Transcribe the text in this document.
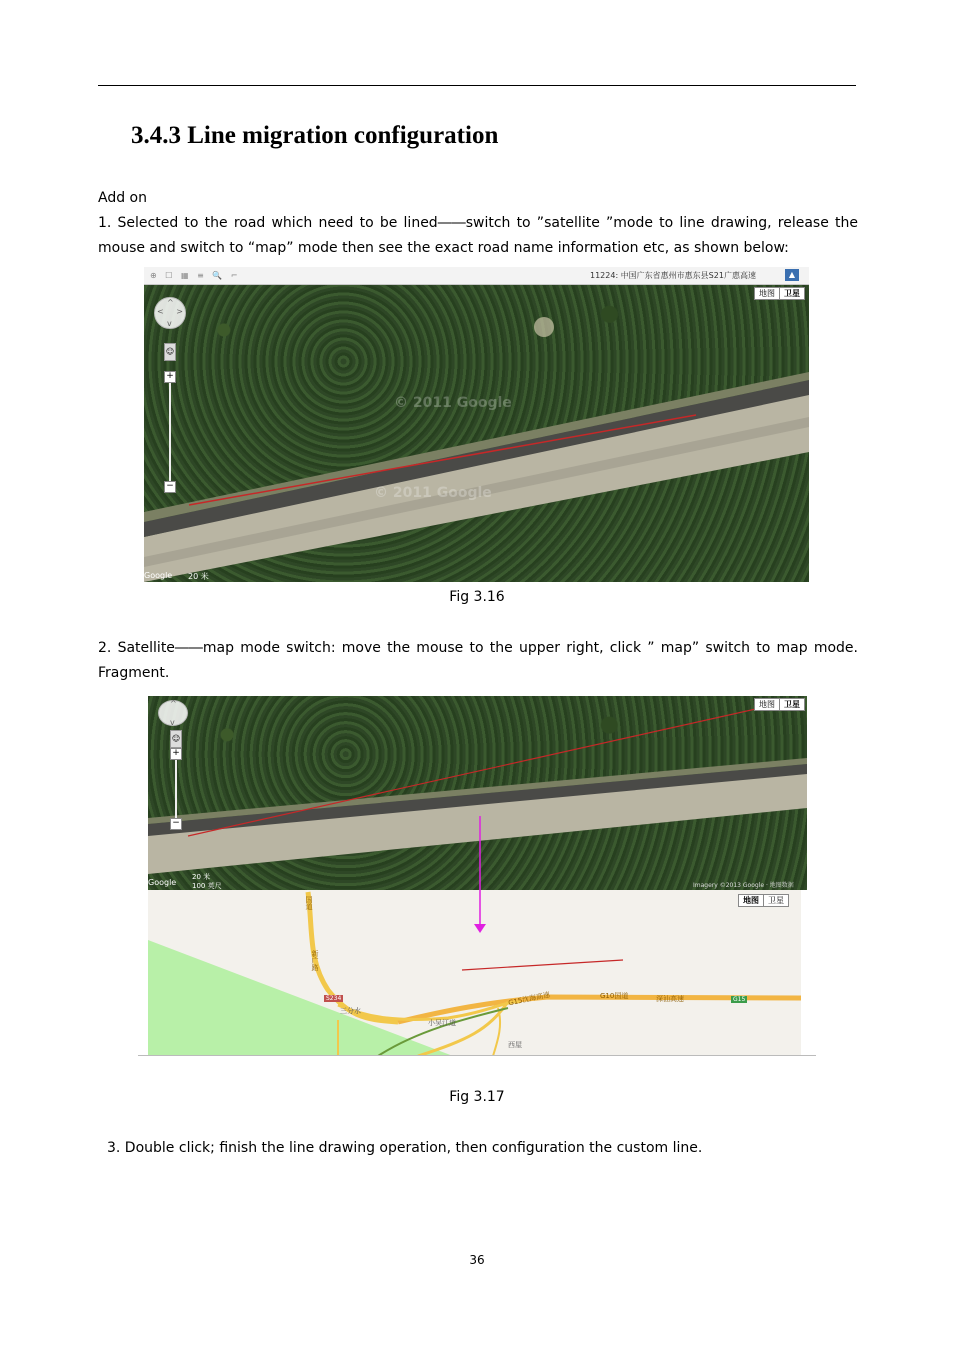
3.4.3 Line migration configuration
Add on
1. Selected to the road which need to be lined――switch to ”satellite ”mode to line drawing, release the mouse and switch to “map” mode then see the exact road name information etc, as shown below:
⊕ ☐ ▦ ≡ 🔍 ⌐	11224: 中国广东省惠州市惠东县S21广惠高速	▲
© 2011 Google
© 2011 Google
地图	卫星
^
< >
v
☺
+
−
Google 20 米
Fig 3.16
2. Satellite――map mode switch: move the mouse to the upper right, click ” map” switch to map mode. Fragment.
地图	卫星
^
v
☺
+
−
Google
20 米
100 英尺	Imagery ©2013 Google · 地图数据
地图	卫星
G15沈海高速	G10国道	深汕高速	G15
S234
三分水
小吴江道
西屋
国道
新广路
Fig 3.17
3. Double click; finish the line drawing operation, then configuration the custom line.
36
